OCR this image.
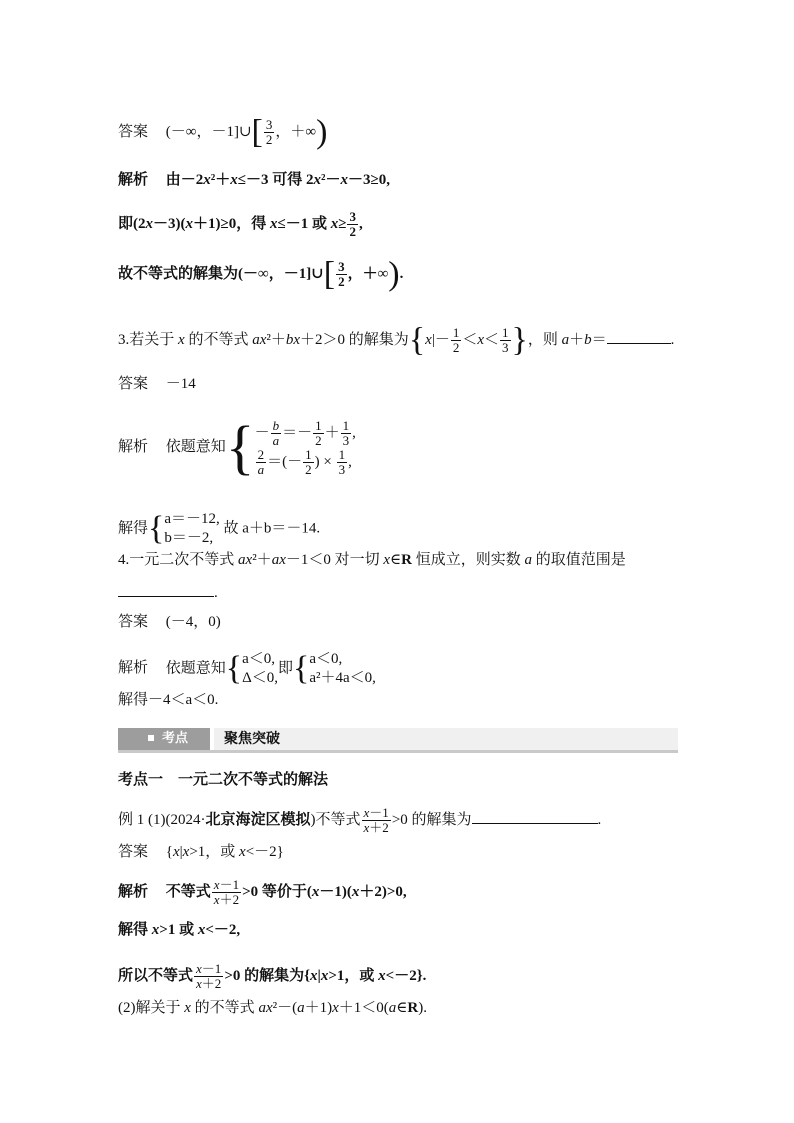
答案 (－∞，－1]∪[ $\frac{3}{2}$ ，＋∞)
解析 由－2x²＋x≤－3 可得 2x²－x－3≥0,
即(2x－3)(x＋1)≥0，得 x≤－1 或 $x\ge \frac{3}{2}$ ,
故不等式的解集为(－∞，－1]∪[ $\frac{3}{2}$ ，＋∞).
3.若关于 x 的不等式 ax²＋bx＋2＞0 的解集为{$x|- \frac{1}{2} <x< \frac{1}{3}$ }，则 a＋b＝	.
答案 －14
解析 依题意知{ － $\frac{b}{a} =- \frac{1}{2} + \frac{1}{3}$ ,
$\frac{2}{a}$ ＝(－ $\frac{1}{2}$ ) × $\frac{1}{3}$ ,
解得{ a＝－12,
b＝－2,
故 a＋b＝－14.
4.一元二次不等式 ax²＋ax－1＜0 对一切 x∈R 恒成立，则实数 a 的取值范围是
.
答案 (－4，0)
解析 依题意知{ a＜0,
Δ＜0,
即{ a＜0,
a²＋4a＜0,
解得－4＜a＜0.
考点	聚焦突破
考点一　一元二次不等式的解法
例 1 (1)(2024·北京海淀区模拟)不等式 $\frac{x-1}{x+2} >0$ 的解集为	.
答案 {x|x>1，或 x<－2}
解析 不等式 $\frac{x-1}{x+2} >0$ 等价于(x－1)(x＋2)>0,
解得 x>1 或 x<－2,
所以不等式 $\frac{x-1}{x+2} >0$ 的解集为{x|x>1，或 x<－2}.
(2)解关于 x 的不等式 ax²－(a＋1)x＋1＜0(a∈R).
